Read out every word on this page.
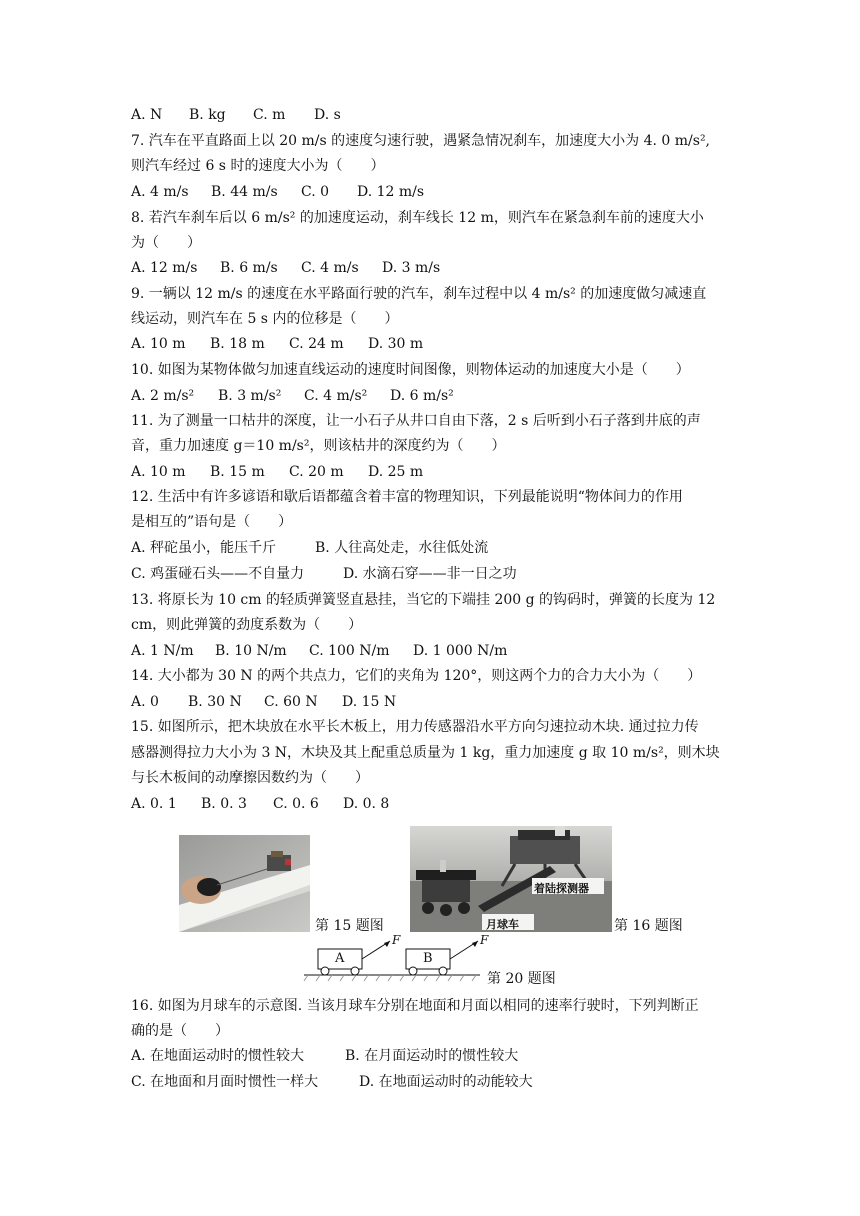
A. N B. kg C. m D. s
7. 汽车在平直路面上以 20 m/s 的速度匀速行驶，遇紧急情况刹车，加速度大小为 4. 0 m/s²,
则汽车经过 6 s 时的速度大小为（　　）
A. 4 m/s B. 44 m/s C. 0 D. 12 m/s
8. 若汽车刹车后以 6 m/s² 的加速度运动，刹车线长 12 m，则汽车在紧急刹车前的速度大小
为（　　）
A. 12 m/s B. 6 m/s C. 4 m/s D. 3 m/s
9. 一辆以 12 m/s 的速度在水平路面行驶的汽车，刹车过程中以 4 m/s² 的加速度做匀减速直
线运动，则汽车在 5 s 内的位移是（　　）
A. 10 m B. 18 m C. 24 m D. 30 m
10. 如图为某物体做匀加速直线运动的速度时间图像，则物体运动的加速度大小是（　　）
A. 2 m/s² B. 3 m/s² C. 4 m/s² D. 6 m/s²
11. 为了测量一口枯井的深度，让一小石子从井口自由下落，2 s 后听到小石子落到井底的声
音，重力加速度 g＝10 m/s²，则该枯井的深度约为（　　）
A. 10 m B. 15 m C. 20 m D. 25 m
12. 生活中有许多谚语和歇后语都蕴含着丰富的物理知识，下列最能说明“物体间力的作用
是相互的”语句是（　　）
A. 秤砣虽小，能压千斤	B. 人往高处走，水往低处流
C. 鸡蛋碰石头——不自量力	D. 水滴石穿——非一日之功
13. 将原长为 10 cm 的轻质弹簧竖直悬挂，当它的下端挂 200 g 的钩码时，弹簧的长度为 12
cm，则此弹簧的劲度系数为（　　）
A. 1 N/m B. 10 N/m C. 100 N/m D. 1 000 N/m
14. 大小都为 30 N 的两个共点力，它们的夹角为 120°，则这两个力的合力大小为（　　）
A. 0 B. 30 N C. 60 N D. 15 N
15. 如图所示，把木块放在水平长木板上，用力传感器沿水平方向匀速拉动木块. 通过拉力传
感器测得拉力大小为 3 N，木块及其上配重总质量为 1 kg，重力加速度 g 取 10 m/s²，则木块
与长木板间的动摩擦因数约为（　　）
A. 0. 1 B. 0. 3 C. 0. 6 D. 0. 8
着陆探测器
月球车
第 15 题图	第 16 题图
A	B
F	F
第 20 题图
16. 如图为月球车的示意图. 当该月球车分别在地面和月面以相同的速率行驶时，下列判断正
确的是（　　）
A. 在地面运动时的惯性较大	B. 在月面运动时的惯性较大
C. 在地面和月面时惯性一样大	D. 在地面运动时的动能较大
